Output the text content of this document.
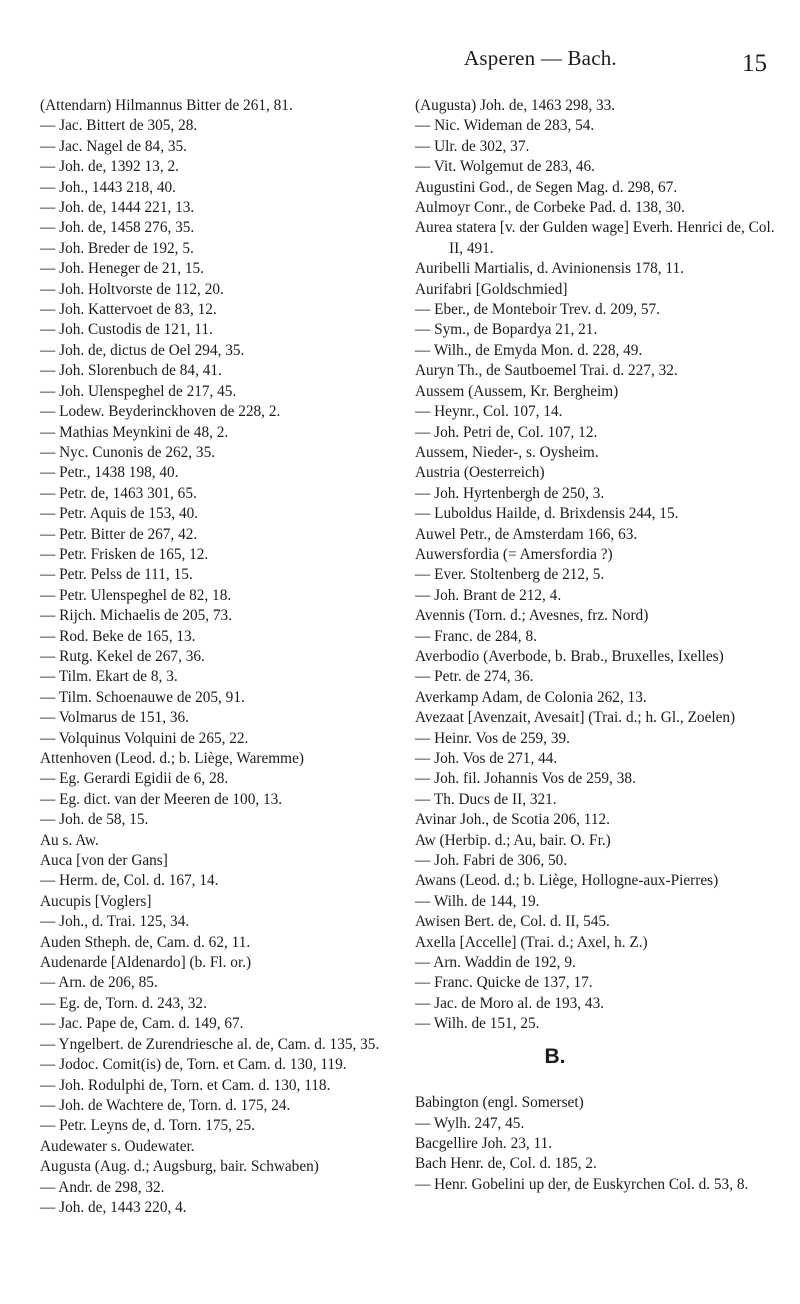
Asperen — Bach.	15

(Attendarn) Hilmannus Bitter de 261, 81.

— Jac. Bittert de 305, 28.

— Jac. Nagel de 84, 35.

— Joh. de, 1392 13, 2.

— Joh., 1443 218, 40.

— Joh. de, 1444 221, 13.

— Joh. de, 1458 276, 35.

— Joh. Breder de 192, 5.

— Joh. Heneger de 21, 15.

— Joh. Holtvorste de 112, 20.

— Joh. Kattervoet de 83, 12.

— Joh. Custodis de 121, 11.

— Joh. de, dictus de Oel 294, 35.

— Joh. Slorenbuch de 84, 41.

— Joh. Ulenspeghel de 217, 45.

— Lodew. Beyderinckhoven de 228, 2.

— Mathias Meynkini de 48, 2.

— Nyc. Cunonis de 262, 35.

— Petr., 1438 198, 40.

— Petr. de, 1463 301, 65.

— Petr. Aquis de 153, 40.

— Petr. Bitter de 267, 42.

— Petr. Frisken de 165, 12.

— Petr. Pelss de 111, 15.

— Petr. Ulenspeghel de 82, 18.

— Rijch. Michaelis de 205, 73.

— Rod. Beke de 165, 13.

— Rutg. Kekel de 267, 36.

— Tilm. Ekart de 8, 3.

— Tilm. Schoenauwe de 205, 91.

— Volmarus de 151, 36.

— Volquinus Volquini de 265, 22.

Attenhoven (Leod. d.; b. Liège, Waremme)

— Eg. Gerardi Egidii de 6, 28.

— Eg. dict. van der Meeren de 100, 13.

— Joh. de 58, 15.

Au s. Aw.

Auca [von der Gans]

— Herm. de, Col. d. 167, 14.

Aucupis [Voglers]

— Joh., d. Trai. 125, 34.

Auden Stheph. de, Cam. d. 62, 11.

Audenarde [Aldenardo] (b. Fl. or.)

— Arn. de 206, 85.

— Eg. de, Torn. d. 243, 32.

— Jac. Pape de, Cam. d. 149, 67.

— Yngelbert. de Zurendriesche al. de, Cam. d. 135, 35.

— Jodoc. Comit(is) de, Torn. et Cam. d. 130, 119.

— Joh. Rodulphi de, Torn. et Cam. d. 130, 118.

— Joh. de Wachtere de, Torn. d. 175, 24.

— Petr. Leyns de, d. Torn. 175, 25.

Audewater s. Oudewater.

Augusta (Aug. d.; Augsburg, bair. Schwaben)

— Andr. de 298, 32.

— Joh. de, 1443 220, 4.

(Augusta) Joh. de, 1463 298, 33.

— Nic. Wideman de 283, 54.

— Ulr. de 302, 37.

— Vit. Wolgemut de 283, 46.

Augustini God., de Segen Mag. d. 298, 67.

Aulmoyr Conr., de Corbeke Pad. d. 138, 30.

Aurea statera [v. der Gulden wage] Everh. Henrici de, Col. II, 491.

Auribelli Martialis, d. Avinionensis 178, 11.

Aurifabri [Goldschmied]

— Eber., de Monteboir Trev. d. 209, 57.

— Sym., de Bopardya 21, 21.

— Wilh., de Emyda Mon. d. 228, 49.

Auryn Th., de Sautboemel Trai. d. 227, 32.

Aussem (Aussem, Kr. Bergheim)

— Heynr., Col. 107, 14.

— Joh. Petri de, Col. 107, 12.

Aussem, Nieder-, s. Oysheim.

Austria (Oesterreich)

— Joh. Hyrtenbergh de 250, 3.

— Luboldus Hailde, d. Brixdensis 244, 15.

Auwel Petr., de Amsterdam 166, 63.

Auwersfordia (= Amersfordia ?)

— Ever. Stoltenberg de 212, 5.

— Joh. Brant de 212, 4.

Avennis (Torn. d.; Avesnes, frz. Nord)

— Franc. de 284, 8.

Averbodio (Averbode, b. Brab., Bruxelles, Ixelles)

— Petr. de 274, 36.

Averkamp Adam, de Colonia 262, 13.

Avezaat [Avenzait, Avesait] (Trai. d.; h. Gl., Zoelen)

— Heinr. Vos de 259, 39.

— Joh. Vos de 271, 44.

— Joh. fil. Johannis Vos de 259, 38.

— Th. Ducs de II, 321.

Avinar Joh., de Scotia 206, 112.

Aw (Herbip. d.; Au, bair. O. Fr.)

— Joh. Fabri de 306, 50.

Awans (Leod. d.; b. Liège, Hollogne-aux-Pierres)

— Wilh. de 144, 19.

Awisen Bert. de, Col. d. II, 545.

Axella [Accelle] (Trai. d.; Axel, h. Z.)

— Arn. Waddin de 192, 9.

— Franc. Quicke de 137, 17.

— Jac. de Moro al. de 193, 43.

— Wilh. de 151, 25.

B.

Babington (engl. Somerset)

— Wylh. 247, 45.

Bacgellire Joh. 23, 11.

Bach Henr. de, Col. d. 185, 2.

— Henr. Gobelini up der, de Euskyrchen Col. d. 53, 8.
